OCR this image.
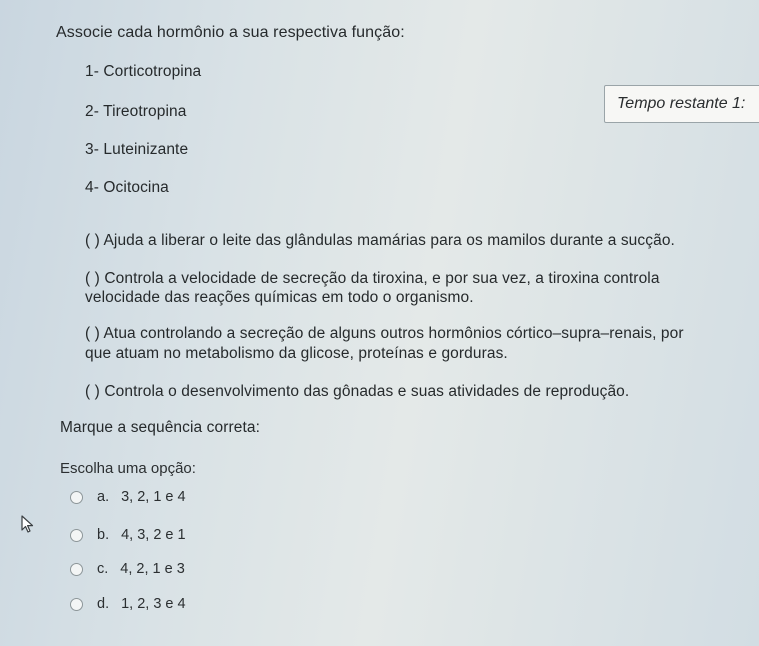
Associe cada hormônio a sua respectiva função:
1- Corticotropina
2- Tireotropina
3- Luteinizante
4- Ocitocina
( ) Ajuda a liberar o leite das glândulas mamárias para os mamilos durante a sucção.
( ) Controla a velocidade de secreção da tiroxina, e por sua vez, a tiroxina controla
velocidade das reações químicas em todo o organismo.
( ) Atua controlando a secreção de alguns outros hormônios córtico–supra–renais, por
que atuam no metabolismo da glicose, proteínas e gorduras.
( ) Controla o desenvolvimento das gônadas e suas atividades de reprodução.
Marque a sequência correta:
Tempo restante 1:
Escolha uma opção:
a. 3, 2, 1 e 4
b. 4, 3, 2 e 1
c. 4, 2, 1 e 3
d. 1, 2, 3 e 4
